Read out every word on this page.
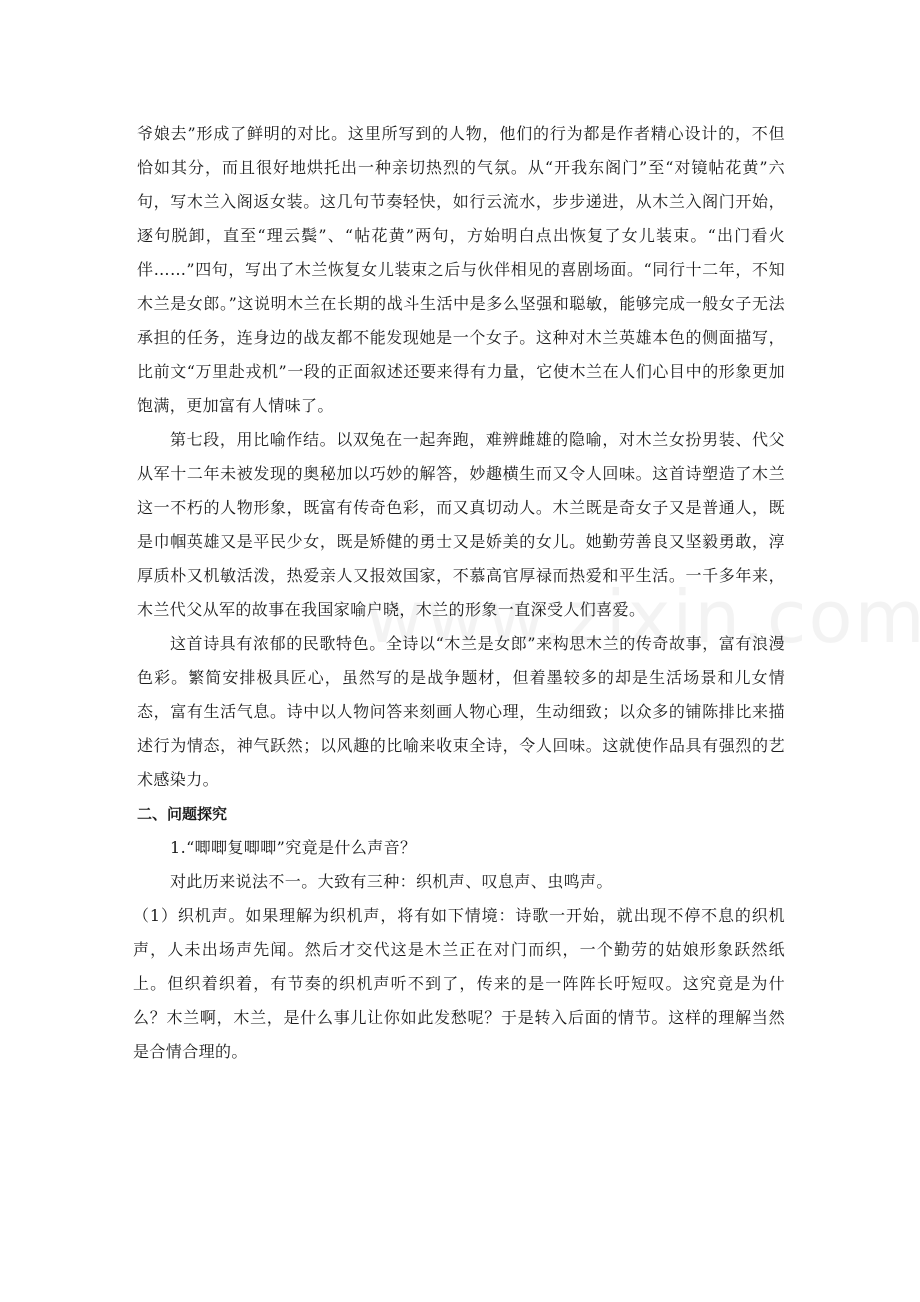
爷娘去”形成了鲜明的对比。这里所写到的人物，他们的行为都是作者精心设计的，不但恰如其分，而且很好地烘托出一种亲切热烈的气氛。从“开我东阁门”至“对镜帖花黄”六句，写木兰入阁返女装。这几句节奏轻快，如行云流水，步步递进，从木兰入阁门开始，逐句脱卸，直至“理云鬓”、“帖花黄”两句，方始明白点出恢复了女儿装束。“出门看火伴……”四句，写出了木兰恢复女儿装束之后与伙伴相见的喜剧场面。“同行十二年，不知木兰是女郎。”这说明木兰在长期的战斗生活中是多么坚强和聪敏，能够完成一般女子无法承担的任务，连身边的战友都不能发现她是一个女子。这种对木兰英雄本色的侧面描写，比前文“万里赴戎机”一段的正面叙述还要来得有力量，它使木兰在人们心目中的形象更加饱满，更加富有人情味了。

第七段，用比喻作结。以双兔在一起奔跑，难辨雌雄的隐喻，对木兰女扮男装、代父从军十二年未被发现的奥秘加以巧妙的解答，妙趣横生而又令人回味。这首诗塑造了木兰这一不朽的人物形象，既富有传奇色彩，而又真切动人。木兰既是奇女子又是普通人，既是巾帼英雄又是平民少女，既是矫健的勇士又是娇美的女儿。她勤劳善良又坚毅勇敢，淳厚质朴又机敏活泼，热爱亲人又报效国家，不慕高官厚禄而热爱和平生活。一千多年来，木兰代父从军的故事在我国家喻户晓，木兰的形象一直深受人们喜爱。

这首诗具有浓郁的民歌特色。全诗以“木兰是女郎”来构思木兰的传奇故事，富有浪漫色彩。繁简安排极具匠心，虽然写的是战争题材，但着墨较多的却是生活场景和儿女情态，富有生活气息。诗中以人物问答来刻画人物心理，生动细致；以众多的铺陈排比来描述行为情态，神气跃然；以风趣的比喻来收束全诗，令人回味。这就使作品具有强烈的艺术感染力。

二、问题探究

1.“唧唧复唧唧”究竟是什么声音？

对此历来说法不一。大致有三种：织机声、叹息声、虫鸣声。

（1）织机声。如果理解为织机声，将有如下情境：诗歌一开始，就出现不停不息的织机声，人未出场声先闻。然后才交代这是木兰正在对门而织，一个勤劳的姑娘形象跃然纸上。但织着织着，有节奏的织机声听不到了，传来的是一阵阵长吁短叹。这究竟是为什么？木兰啊，木兰，是什么事儿让你如此发愁呢？于是转入后面的情节。这样的理解当然是合情合理的。
